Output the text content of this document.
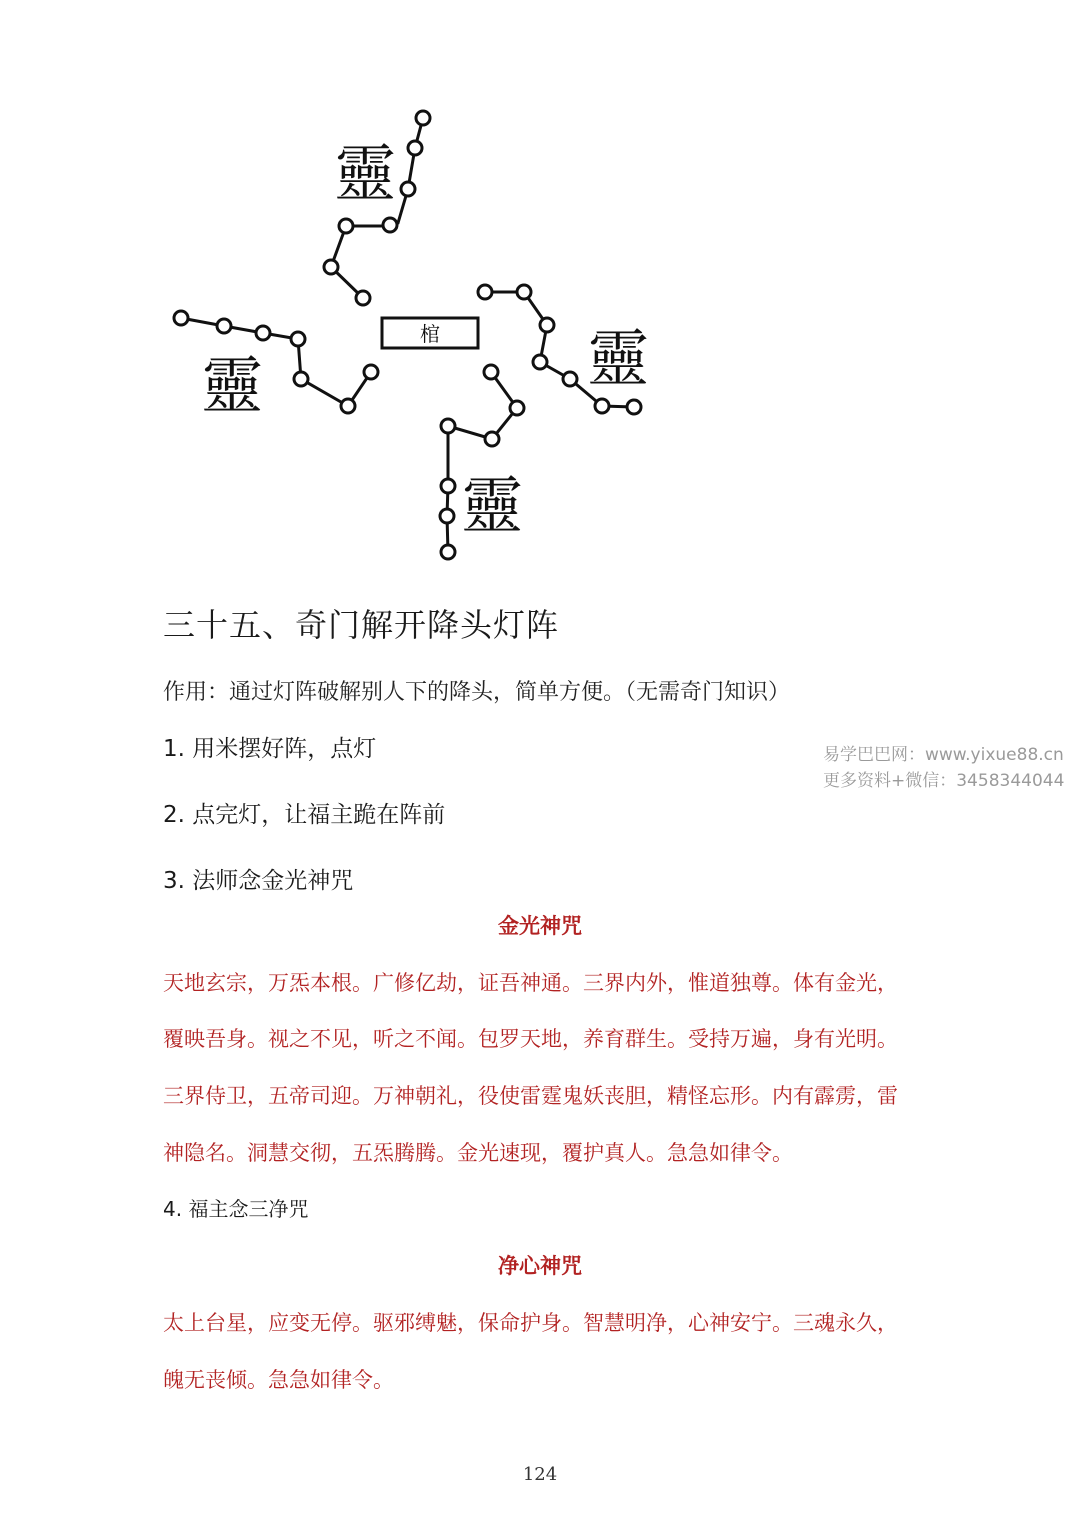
棺
靈
靈	靈
靈
三十五、奇门解开降头灯阵
作用：通过灯阵破解别人下的降头，简单方便。（无需奇门知识）
1. 用米摆好阵，点灯
2. 点完灯，让福主跪在阵前
3. 法师念金光神咒
金光神咒
天地玄宗，万炁本根。广修亿劫，证吾神通。三界内外，惟道独尊。体有金光，
覆映吾身。视之不见，听之不闻。包罗天地，养育群生。受持万遍，身有光明。
三界侍卫，五帝司迎。万神朝礼，役使雷霆鬼妖丧胆，精怪忘形。内有霹雳，雷
神隐名。洞慧交彻，五炁腾腾。金光速现，覆护真人。急急如律令。
4. 福主念三净咒
净心神咒
太上台星，应变无停。驱邪缚魅，保命护身。智慧明净，心神安宁。三魂永久，
魄无丧倾。急急如律令。
易学巴巴网：www.yixue88.cn
更多资料+微信：3458344044
124
